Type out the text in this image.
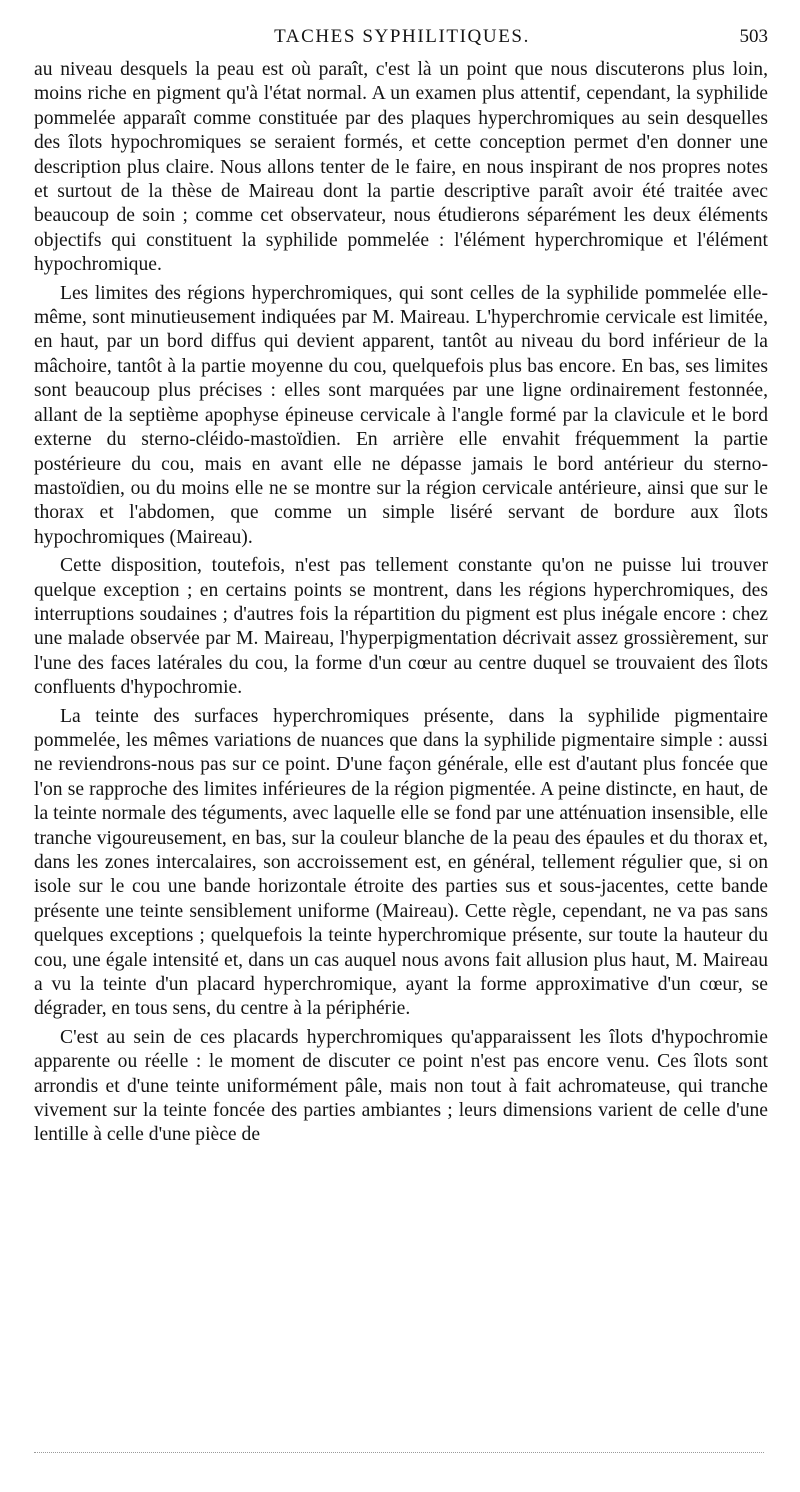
TACHES SYPHILITIQUES.	503

au niveau desquels la peau est où paraît, c'est là un point que nous discuterons plus loin, moins riche en pigment qu'à l'état normal. A un examen plus attentif, cependant, la syphilide pommelée apparaît comme constituée par des plaques hyperchromiques au sein desquelles des îlots hypochromiques se seraient formés, et cette conception permet d'en donner une description plus claire. Nous allons tenter de le faire, en nous inspirant de nos propres notes et surtout de la thèse de Maireau dont la partie descriptive paraît avoir été traitée avec beaucoup de soin ; comme cet observateur, nous étudierons séparément les deux éléments objectifs qui constituent la syphilide pommelée : l'élément hyperchromique et l'élément hypochromique.

Les limites des régions hyperchromiques, qui sont celles de la syphilide pommelée elle-même, sont minutieusement indiquées par M. Maireau. L'hyperchromie cervicale est limitée, en haut, par un bord diffus qui devient apparent, tantôt au niveau du bord inférieur de la mâchoire, tantôt à la partie moyenne du cou, quelquefois plus bas encore. En bas, ses limites sont beaucoup plus précises : elles sont marquées par une ligne ordinairement festonnée, allant de la septième apophyse épineuse cervicale à l'angle formé par la clavicule et le bord externe du sterno-cléido-mastoïdien. En arrière elle envahit fréquemment la partie postérieure du cou, mais en avant elle ne dépasse jamais le bord antérieur du sterno-mastoïdien, ou du moins elle ne se montre sur la région cervicale antérieure, ainsi que sur le thorax et l'abdomen, que comme un simple liséré servant de bordure aux îlots hypochromiques (Maireau).

Cette disposition, toutefois, n'est pas tellement constante qu'on ne puisse lui trouver quelque exception ; en certains points se montrent, dans les régions hyperchromiques, des interruptions soudaines ; d'autres fois la répartition du pigment est plus inégale encore : chez une malade observée par M. Maireau, l'hyperpigmentation décrivait assez grossièrement, sur l'une des faces latérales du cou, la forme d'un cœur au centre duquel se trouvaient des îlots confluents d'hypochromie.

La teinte des surfaces hyperchromiques présente, dans la syphilide pigmentaire pommelée, les mêmes variations de nuances que dans la syphilide pigmentaire simple : aussi ne reviendrons-nous pas sur ce point. D'une façon générale, elle est d'autant plus foncée que l'on se rapproche des limites inférieures de la région pigmentée. A peine distincte, en haut, de la teinte normale des téguments, avec laquelle elle se fond par une atténuation insensible, elle tranche vigoureusement, en bas, sur la couleur blanche de la peau des épaules et du thorax et, dans les zones intercalaires, son accroissement est, en général, tellement régulier que, si on isole sur le cou une bande horizontale étroite des parties sus et sous-jacentes, cette bande présente une teinte sensiblement uniforme (Maireau). Cette règle, cependant, ne va pas sans quelques exceptions ; quelquefois la teinte hyperchromique présente, sur toute la hauteur du cou, une égale intensité et, dans un cas auquel nous avons fait allusion plus haut, M. Maireau a vu la teinte d'un placard hyperchromique, ayant la forme approximative d'un cœur, se dégrader, en tous sens, du centre à la périphérie.

C'est au sein de ces placards hyperchromiques qu'apparaissent les îlots d'hypochromie apparente ou réelle : le moment de discuter ce point n'est pas encore venu. Ces îlots sont arrondis et d'une teinte uniformément pâle, mais non tout à fait achromateuse, qui tranche vivement sur la teinte foncée des parties ambiantes ; leurs dimensions varient de celle d'une lentille à celle d'une pièce de
